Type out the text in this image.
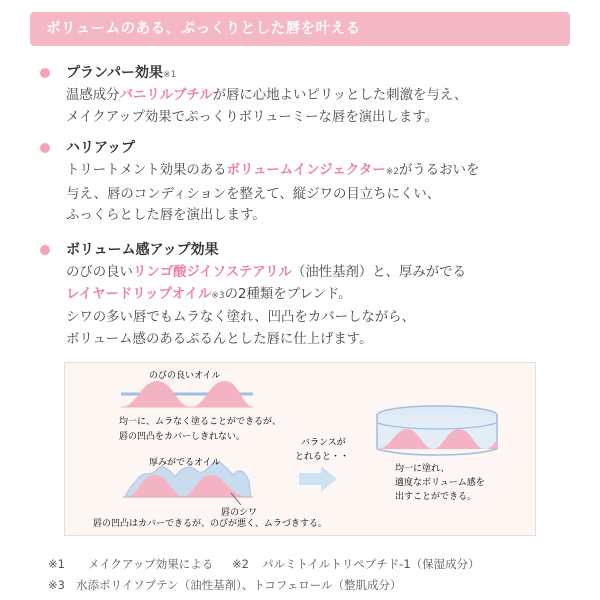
ボリュームのある、ぷっくりとした唇を叶える
プランパー効果※1
温感成分バニリルブチルが唇に心地よいピリッとした刺激を与え、
メイクアップ効果でぷっくりボリューミーな唇を演出します。
ハリアップ
トリートメント効果のあるボリュームインジェクター※2がうるおいを
与え、唇のコンディションを整えて、縦ジワの目立ちにくい、
ふっくらとした唇を演出します。
ボリューム感アップ効果
のびの良いリンゴ酸ジイソステアリル（油性基剤）と、厚みがでる
レイヤードリップオイル※3の2種類をブレンド。
シワの多い唇でもムラなく塗れ、凹凸をカバーしながら、
ボリューム感のあるぷるんとした唇に仕上げます。
のびの良いオイル
均一に、ムラなく塗ることができるが、
唇の凹凸をカバーしきれない。
厚みがでるオイル
唇のシワ
唇の凹凸はカバーできるが、のびが悪く、ムラづきする。
バランスが
とれると・・
均一に塗れ、
適度なボリューム感を
出すことができる。
※1 メイクアップ効果による ※2 パルミトイルトリペプチド-1（保湿成分）
※3 水添ポリイソブテン（油性基剤）、トコフェロール（整肌成分）
